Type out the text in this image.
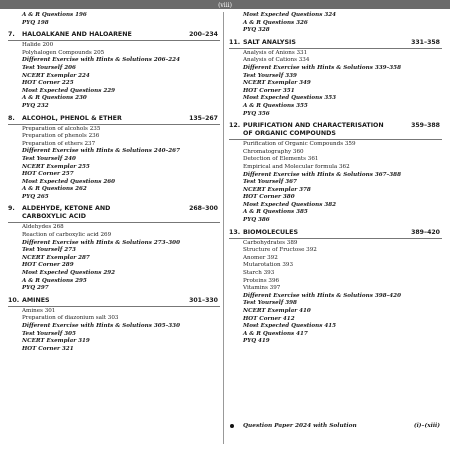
(viii)
A & R Questions 196
PYQ 198
7. HALOALKANE AND HALOARENE	200–234
Halide 200
Polyhalogen Compounds 205
Different Exercise with Hints & Solutions 206–224
Test Yourself 206
NCERT Exemplar 224
HOT Corner 225
Most Expected Questions 229
A & R Questions 230
PYQ 232
8. ALCOHOL, PHENOL & ETHER	135–267
Preparation of alcohols 235
Preparation of phenols 236
Preparation of ethers 237
Different Exercise with Hints & Solutions 240–267
Test Yourself 240
NCERT Exemplar 255
HOT Corner 257
Most Expected Questions 260
A & R Questions 262
PYQ 265
9. ALDEHYDE, KETONE AND
CARBOXYLIC ACID
268–300
Aldehydes 268
Reaction of carboxylic acid 269
Different Exercise with Hints & Solutions 273–300
Test Yourself 273
NCERT Exemplar 287
HOT Corner 289
Most Expected Questions 292
A & R Questions 295
PYQ 297
10. AMINES	301–330
Amines 301
Preparation of diazonium salt 303
Different Exercise with Hints & Solutions 305–330
Test Yourself 305
NCERT Exemplar 319
HOT Corner 321
Most Expected Questions 324
A & R Questions 326
PYQ 328
11. SALT ANALYSIS	331–358
Analysis of Anions 331
Analysis of Cations 334
Different Exercise with Hints & Solutions 339–358
Test Yourself 339
NCERT Exemplar 349
HOT Corner 351
Most Expected Questions 353
A & R Questions 355
PYQ 356
12. PURIFICATION AND CHARACTERISATION
OF ORGANIC COMPOUNDS
359–388
Purification of Organic Compounds 359
Chromatography 360
Detection of Elements 361
Empirical and Molecular formula 362
Different Exercise with Hints & Solutions 367–388
Test Yourself 367
NCERT Exemplar 378
HOT Corner 380
Most Expected Questions 382
A & R Questions 385
PYQ 386
13. BIOMOLECULES	389–420
Carbohydrates 389
Structure of Fructose 392
Anomer 392
Mutarotation 393
Starch 393
Proteins 396
Vitamins 397
Different Exercise with Hints & Solutions 398–420
Test Yourself 398
NCERT Exemplar 410
HOT Corner 412
Most Expected Questions 415
A & R Questions 417
PYQ 419
Question Paper 2024 with Solution	(i)–(xiii)
